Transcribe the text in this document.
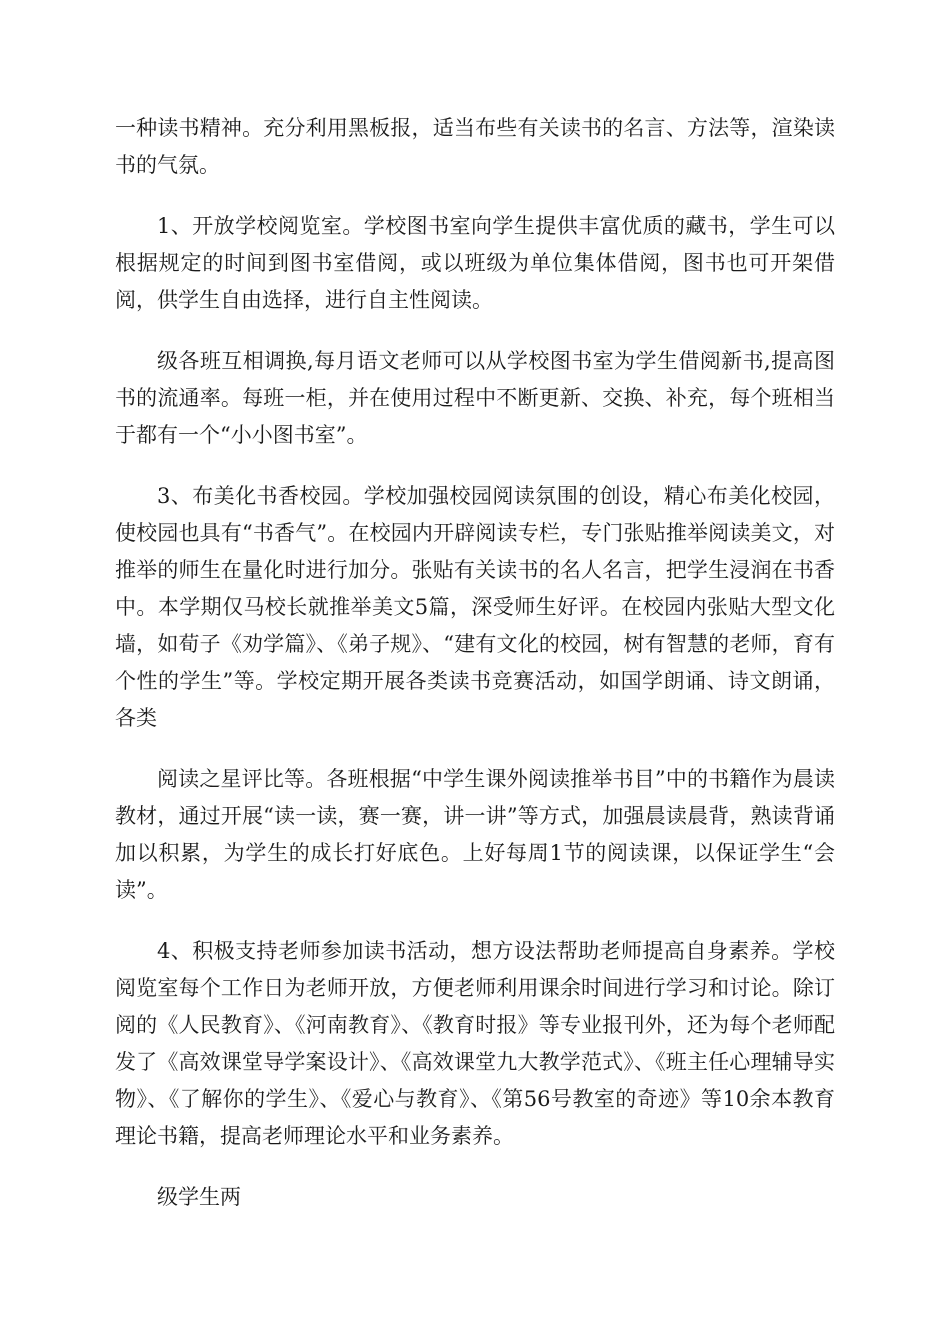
一种读书精神。充分利用黑板报，适当布些有关读书的名言、方法等，渲染读书的气氛。

1、开放学校阅览室。学校图书室向学生提供丰富优质的藏书，学生可以根据规定的时间到图书室借阅，或以班级为单位集体借阅，图书也可开架借阅，供学生自由选择，进行自主性阅读。

级各班互相调换,每月语文老师可以从学校图书室为学生借阅新书,提高图书的流通率。每班一柜，并在使用过程中不断更新、交换、补充，每个班相当于都有一个“小小图书室”。

3、布美化书香校园。学校加强校园阅读氛围的创设，精心布美化校园，使校园也具有“书香气”。在校园内开辟阅读专栏，专门张贴推举阅读美文，对推举的师生在量化时进行加分。张贴有关读书的名人名言，把学生浸润在书香中。本学期仅马校长就推举美文5篇，深受师生好评。在校园内张贴大型文化墙，如荀子《劝学篇》、《弟子规》、“建有文化的校园，树有智慧的老师，育有个性的学生”等。学校定期开展各类读书竞赛活动，如国学朗诵、诗文朗诵，各类

阅读之星评比等。各班根据“中学生课外阅读推举书目”中的书籍作为晨读教材，通过开展“读一读，赛一赛，讲一讲”等方式，加强晨读晨背，熟读背诵加以积累，为学生的成长打好底色。上好每周1节的阅读课，以保证学生“会读”。

4、积极支持老师参加读书活动，想方设法帮助老师提高自身素养。学校阅览室每个工作日为老师开放，方便老师利用课余时间进行学习和讨论。除订阅的《人民教育》、《河南教育》、《教育时报》等专业报刊外，还为每个老师配发了《高效课堂导学案设计》、《高效课堂九大教学范式》、《班主任心理辅导实物》、《了解你的学生》、《爱心与教育》、《第56号教室的奇迹》等10余本教育理论书籍，提高老师理论水平和业务素养。

级学生两
